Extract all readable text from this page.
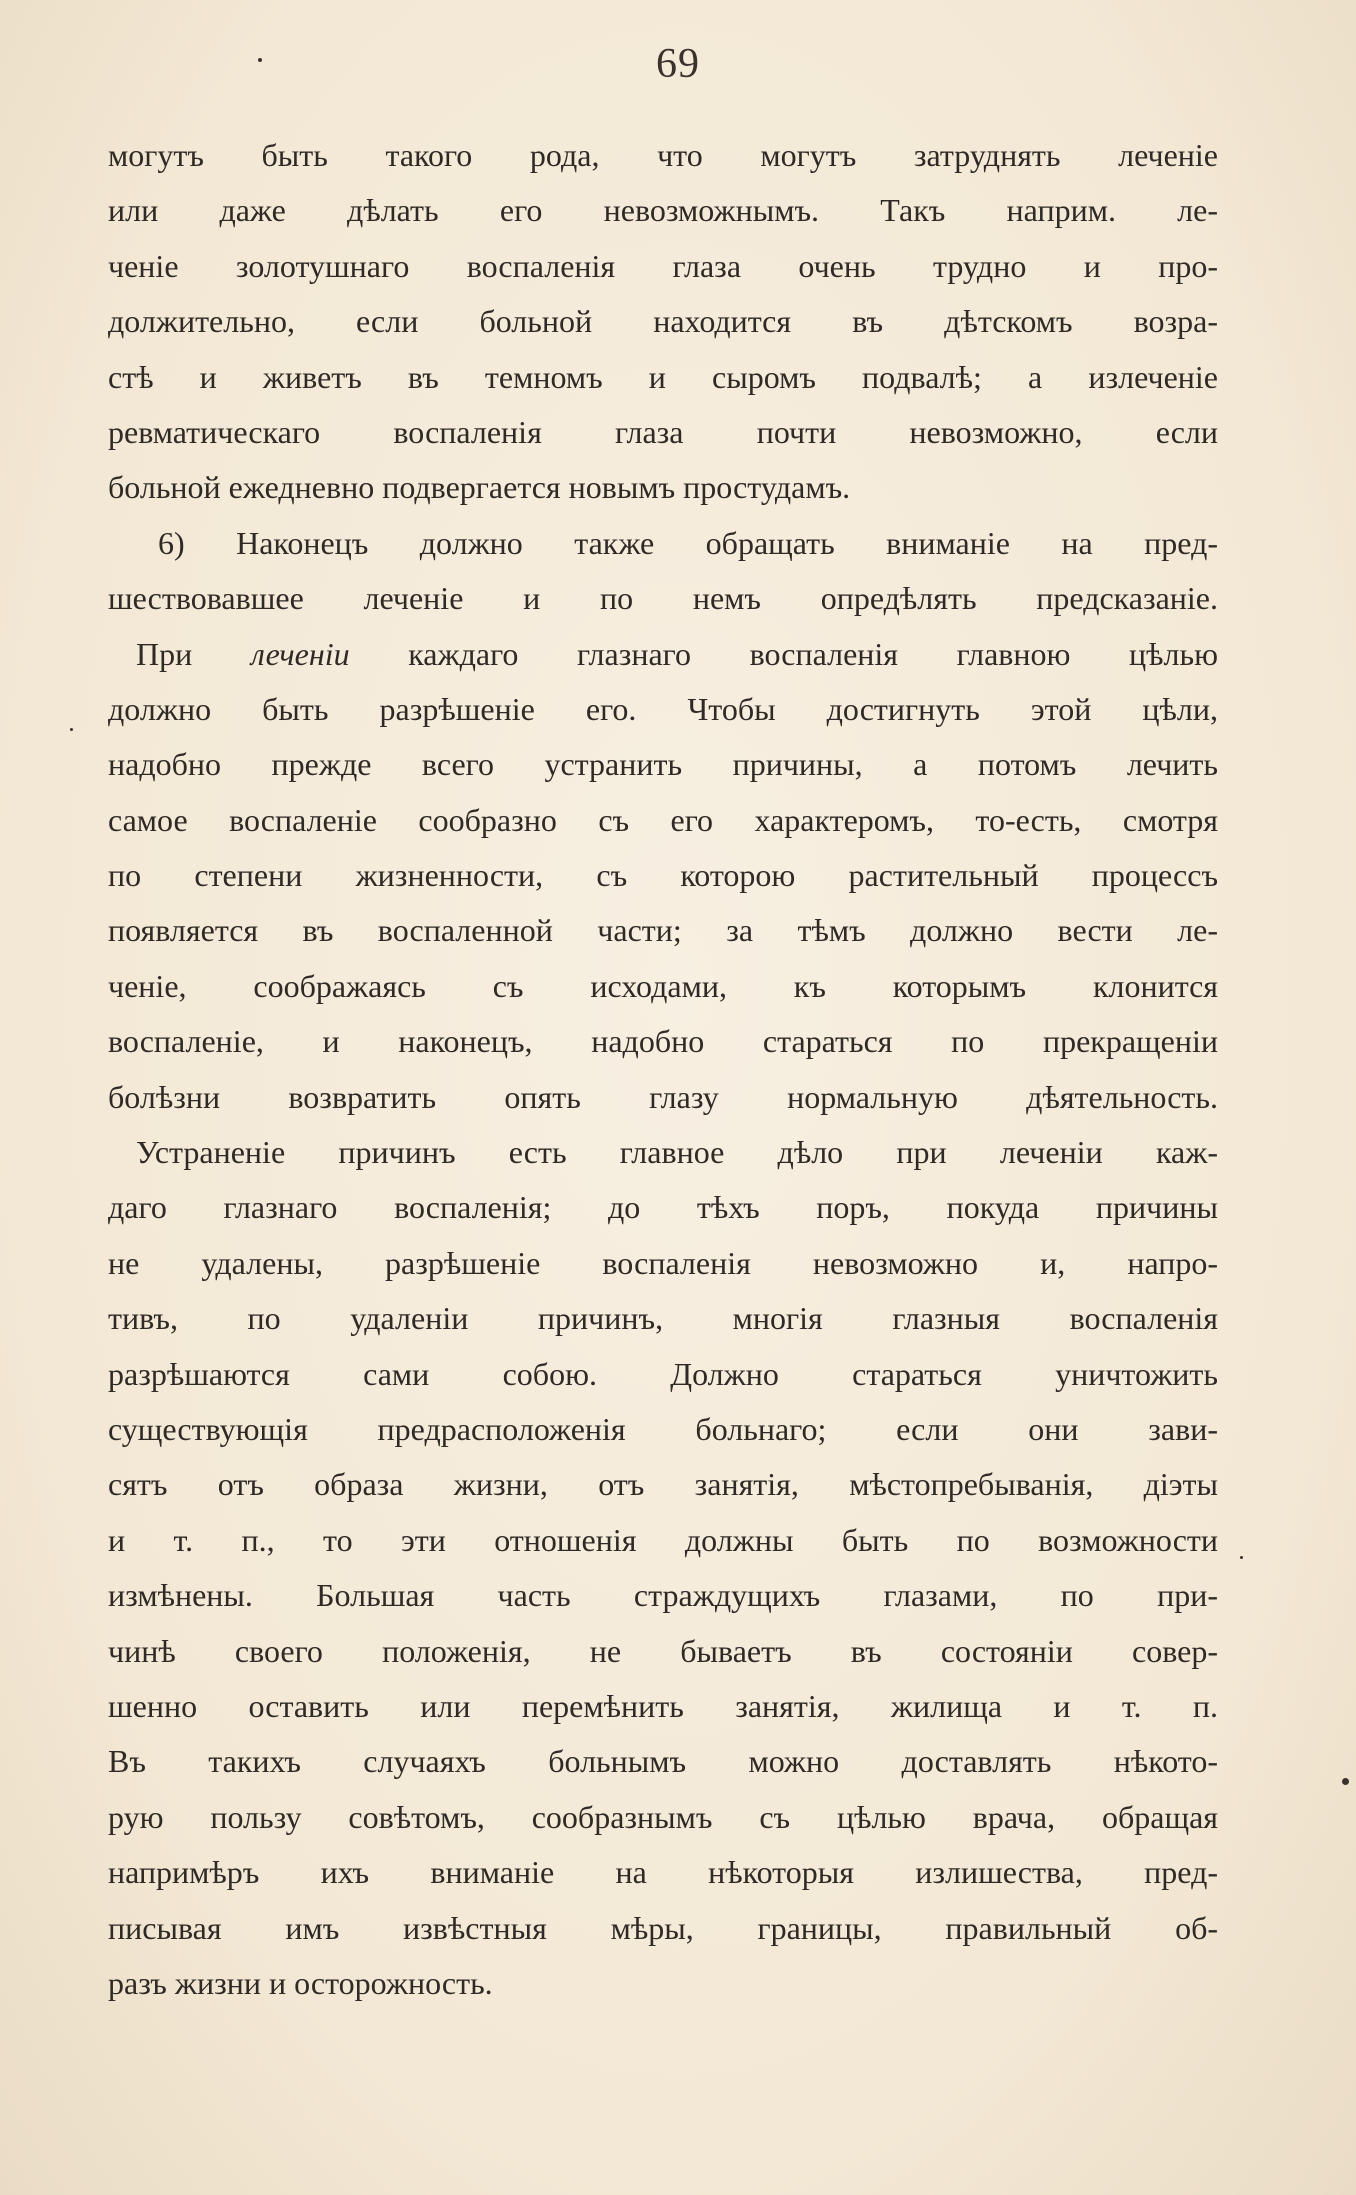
69
могутъ быть такого рода, что могутъ затруднять леченіе
или даже дѣлать его невозможнымъ. Такъ наприм. ле-
ченіе золотушнаго воспаленія глаза очень трудно и про-
должительно, если больной находится въ дѣтскомъ возра-
стѣ и живетъ въ темномъ и сыромъ подвалѣ; а излеченіе
ревматическаго воспаленія глаза почти невозможно, если
больной ежедневно подвергается новымъ простудамъ.
6) Наконецъ должно также обращать вниманіе на пред-
шествовавшее леченіе и по немъ опредѣлять предсказаніе.
При леченіи каждаго глазнаго воспаленія главною цѣлью
должно быть разрѣшеніе его. Чтобы достигнуть этой цѣли,
надобно прежде всего устранить причины, а потомъ лечить
самое воспаленіе сообразно съ его характеромъ, то-есть, смотря
по степени жизненности, съ которою растительный процессъ
появляется въ воспаленной части; за тѣмъ должно вести ле-
ченіе, соображаясь съ исходами, къ которымъ клонится
воспаленіе, и наконецъ, надобно стараться по прекращеніи
болѣзни возвратить опять глазу нормальную дѣятельность.
Устраненіе причинъ есть главное дѣло при леченіи каж-
даго глазнаго воспаленія; до тѣхъ поръ, покуда причины
не удалены, разрѣшеніе воспаленія невозможно и, напро-
тивъ, по удаленіи причинъ, многія глазныя воспаленія
разрѣшаются сами собою. Должно стараться уничтожить
существующія предрасположенія больнаго; если они зави-
сятъ отъ образа жизни, отъ занятія, мѣстопребыванія, діэты
и т. п., то эти отношенія должны быть по возможности
измѣнены. Большая часть страждущихъ глазами, по при-
чинѣ своего положенія, не бываетъ въ состояніи совер-
шенно оставить или перемѣнить занятія, жилища и т. п.
Въ такихъ случаяхъ больнымъ можно доставлять нѣкото-
рую пользу совѣтомъ, сообразнымъ съ цѣлью врача, обращая
напримѣръ ихъ вниманіе на нѣкоторыя излишества, пред-
писывая имъ извѣстныя мѣры, границы, правильный об-
разъ жизни и осторожность.
